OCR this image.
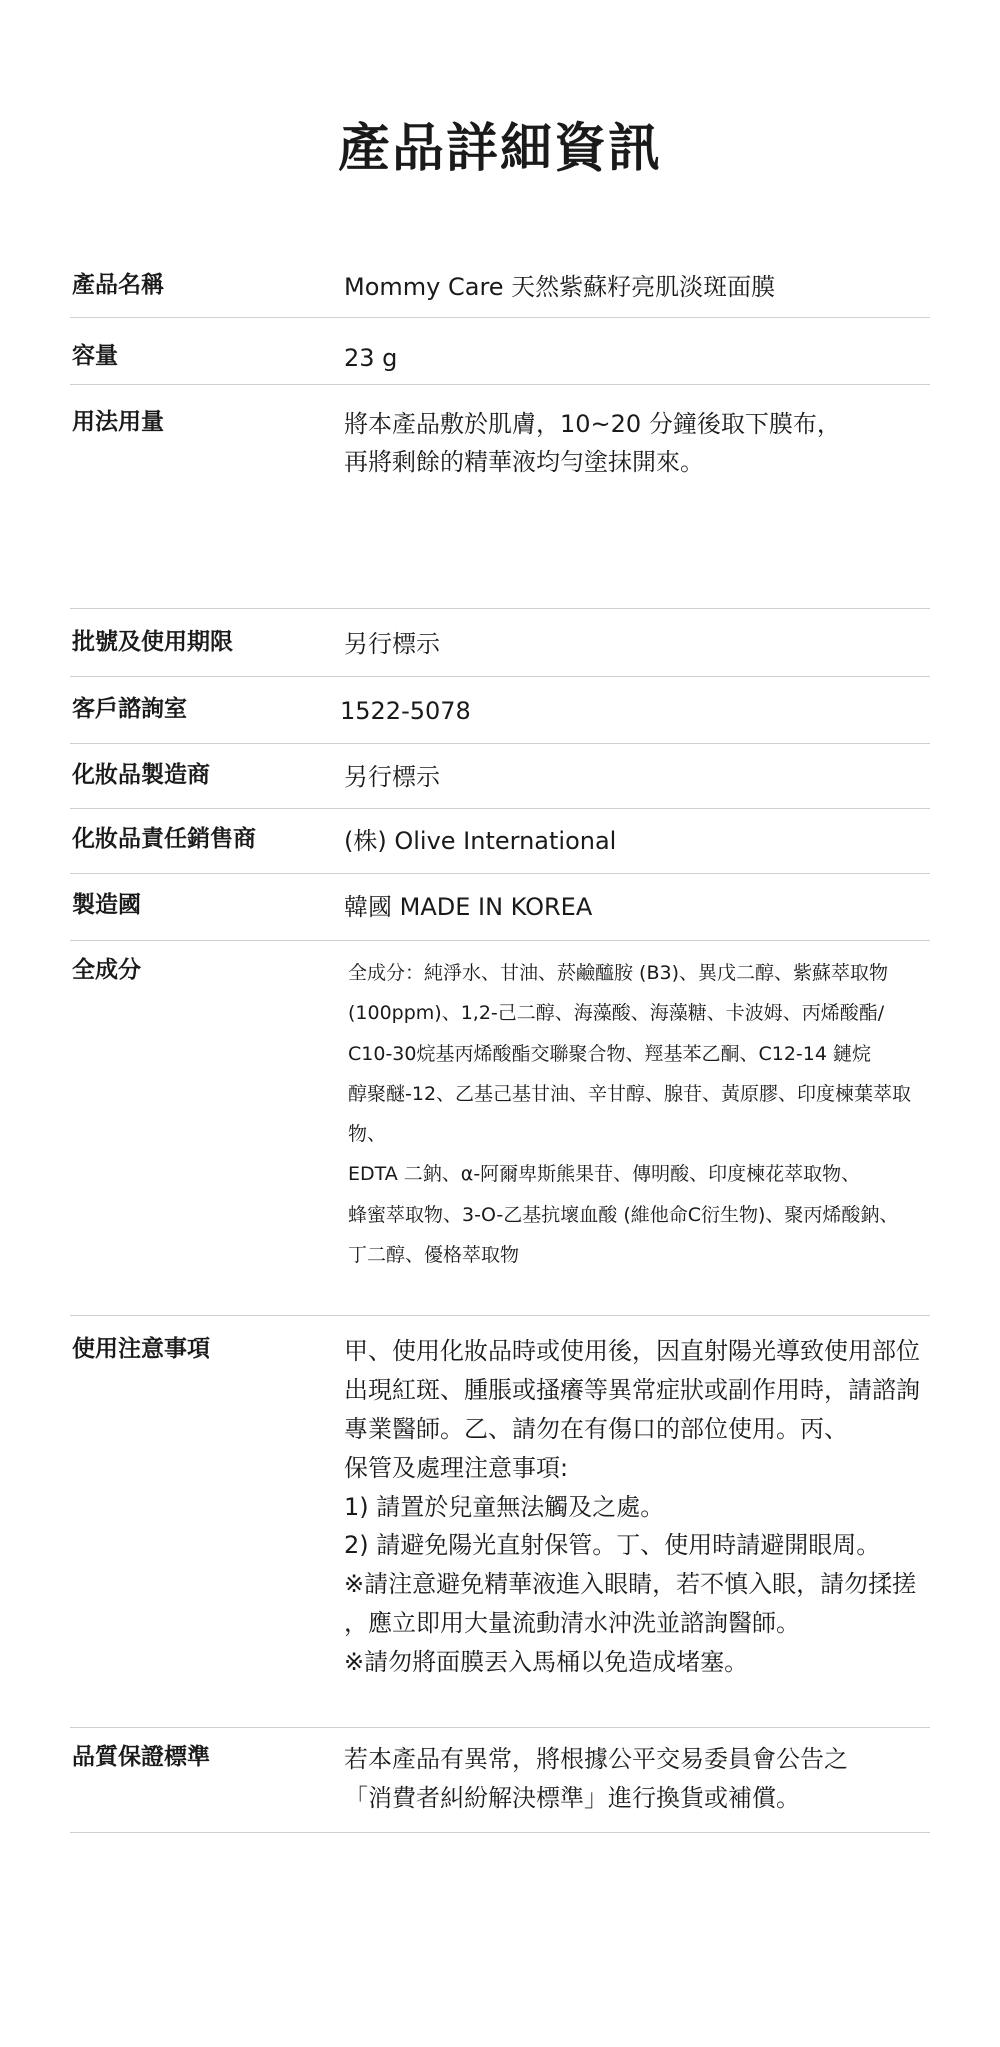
產品詳細資訊
產品名稱	Mommy Care 天然紫蘇籽亮肌淡斑面膜
容量	23 g
用法用量	將本產品敷於肌膚，10~20 分鐘後取下膜布，
再將剩餘的精華液均勻塗抹開來。
批號及使用期限	另行標示
客戶諮詢室	1522-5078
化妝品製造商	另行標示
化妝品責任銷售商	(株) Olive International
製造國	韓國 MADE IN KOREA
全成分	全成分：純淨水、甘油、菸鹼醯胺 (B3)、異戊二醇、紫蘇萃取物
(100ppm)、1,2-己二醇、海藻酸、海藻糖、卡波姆、丙烯酸酯/
C10-30烷基丙烯酸酯交聯聚合物、羥基苯乙酮、C12-14 鏈烷
醇聚醚-12、乙基己基甘油、辛甘醇、腺苷、黃原膠、印度楝葉萃取物、
EDTA 二鈉、α-阿爾卑斯熊果苷、傳明酸、印度楝花萃取物、
蜂蜜萃取物、3-O-乙基抗壞血酸 (維他命C衍生物)、聚丙烯酸鈉、
丁二醇、優格萃取物
使用注意事項	甲、使用化妝品時或使用後，因直射陽光導致使用部位
出現紅斑、腫脹或搔癢等異常症狀或副作用時，請諮詢
專業醫師。乙、請勿在有傷口的部位使用。丙、
保管及處理注意事項:
1) 請置於兒童無法觸及之處。
2) 請避免陽光直射保管。丁、使用時請避開眼周。
※請注意避免精華液進入眼睛，若不慎入眼，請勿揉搓
，應立即用大量流動清水沖洗並諮詢醫師。
※請勿將面膜丟入馬桶以免造成堵塞。
品質保證標準	若本產品有異常，將根據公平交易委員會公告之
「消費者糾紛解決標準」進行換貨或補償。
